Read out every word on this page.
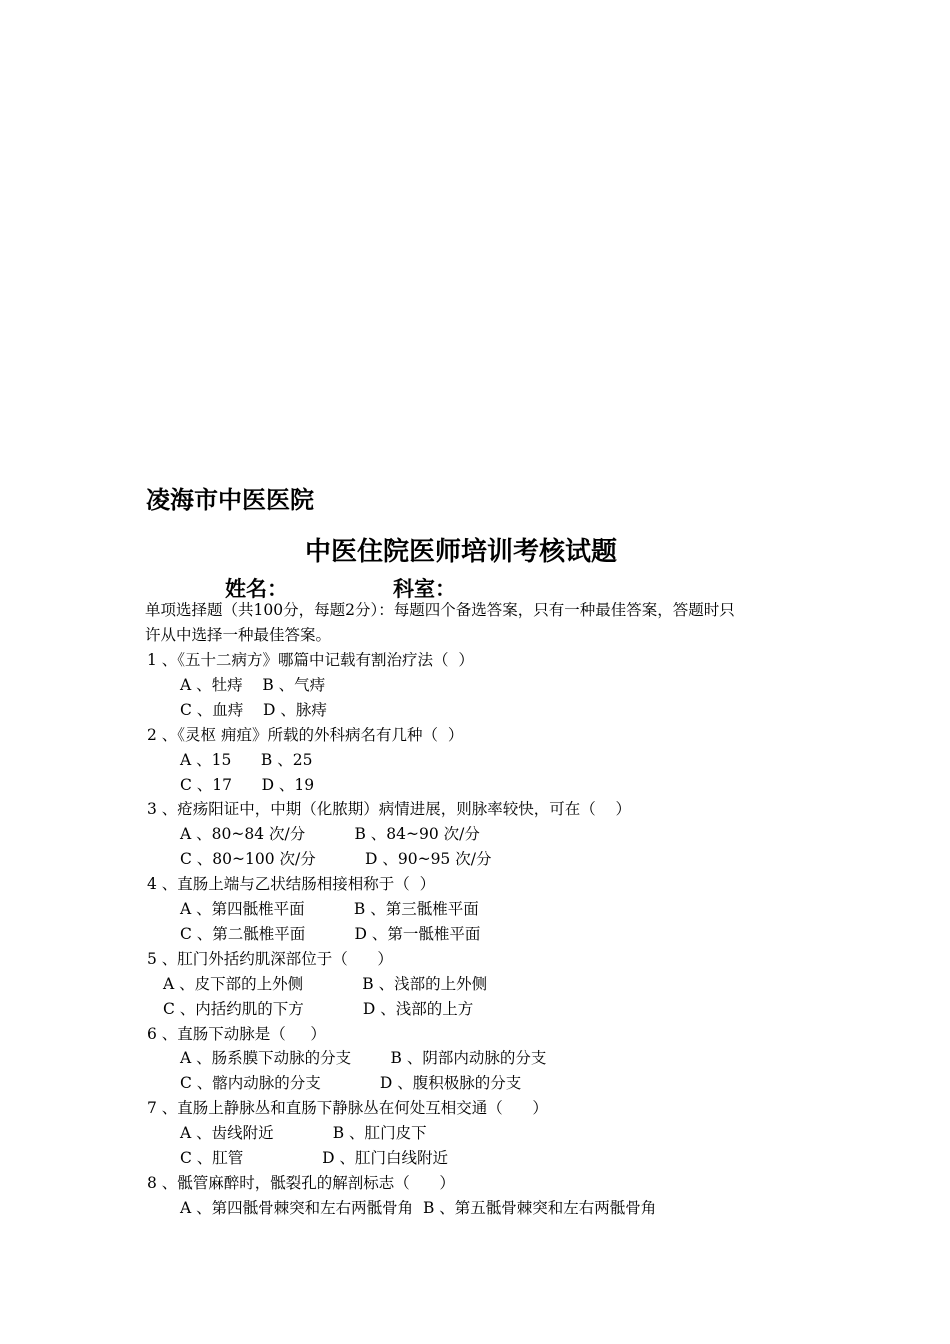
凌海市中医医院
中医住院医师培训考核试题
姓名：	科室：
单项选择题（共100分，每题2分）：每题四个备选答案，只有一种最佳答案，答题时只
许从中选择一种最佳答案。
1 、《五十二病方》哪篇中记载有割治疗法（  ）
A 、牡痔    B 、气痔
C 、血痔    D 、脉痔
2 、《灵枢 痈疽》所载的外科病名有几种（  ）
A 、15      B 、25
C 、17      D 、19
3 、疮疡阳证中，中期（化脓期）病情进展，则脉率较快，可在（    ）
A 、80~84 次/分          B 、84~90 次/分
C 、80~100 次/分          D 、90~95 次/分
4 、直肠上端与乙状结肠相接相称于（  ）
A 、第四骶椎平面          B 、第三骶椎平面
C 、第二骶椎平面          D 、第一骶椎平面
5 、肛门外括约肌深部位于（      ）
A 、皮下部的上外侧            B 、浅部的上外侧
C 、内括约肌的下方            D 、浅部的上方
6 、直肠下动脉是（     ）
A 、肠系膜下动脉的分支        B 、阴部内动脉的分支
C 、髂内动脉的分支            D 、腹积极脉的分支
7 、直肠上静脉丛和直肠下静脉丛在何处互相交通（      ）
A 、齿线附近            B 、肛门皮下
C 、肛管                D 、肛门白线附近
8 、骶管麻醉时，骶裂孔的解剖标志（      ）
A 、第四骶骨棘突和左右两骶骨角  B 、第五骶骨棘突和左右两骶骨角
